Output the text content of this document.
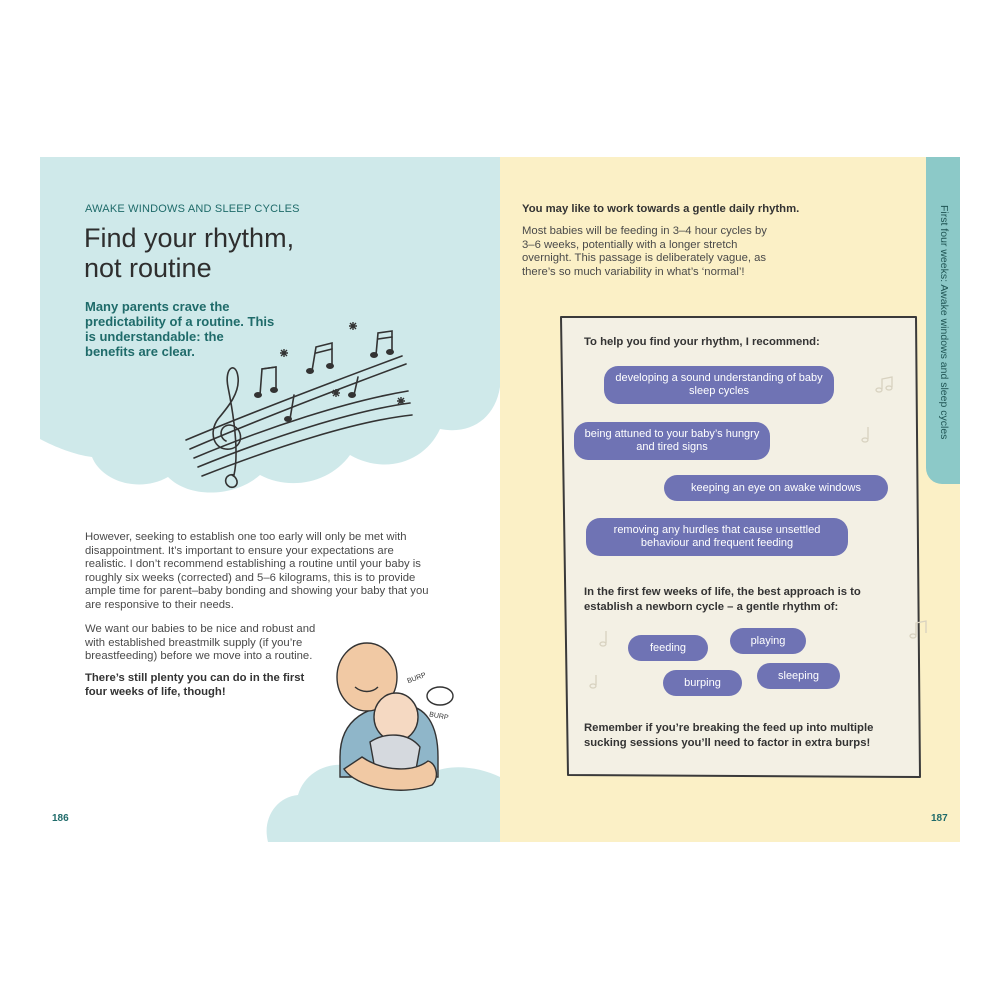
AWAKE WINDOWS AND SLEEP CYCLES
Find your rhythm,
not routine
Many parents crave the predictability of a routine. This is understandable: the benefits are clear.

However, seeking to establish one too early will only be met with disappointment. It’s important to ensure your expectations are realistic. I don’t recommend establishing a routine until your baby is roughly six weeks (corrected) and 5–6 kilograms, this is to provide ample time for parent–baby bonding and showing your baby that you are responsive to their needs.

We want our babies to be nice and robust and with established breastmilk supply (if you’re breastfeeding) before we move into a routine.

There’s still plenty you can do in the first four weeks of life, though!

BURP
BURP
186
You may like to work towards a gentle daily rhythm.

Most babies will be feeding in 3–4 hour cycles by 3–6 weeks, potentially with a longer stretch overnight. This passage is deliberately vague, as there’s so much variability in what’s ‘normal’!	First four weeks: Awake windows and sleep cycles
To help you find your rhythm, I recommend:
developing a sound understanding of baby sleep cycles
being attuned to your baby’s hungry and tired signs
keeping an eye on awake windows
removing any hurdles that cause unsettled behaviour and frequent feeding
In the first few weeks of life, the best approach is to establish a newborn cycle – a gentle rhythm of:
feeding
playing
burping
sleeping
Remember if you’re breaking the feed up into multiple sucking sessions you’ll need to factor in extra burps!
187
